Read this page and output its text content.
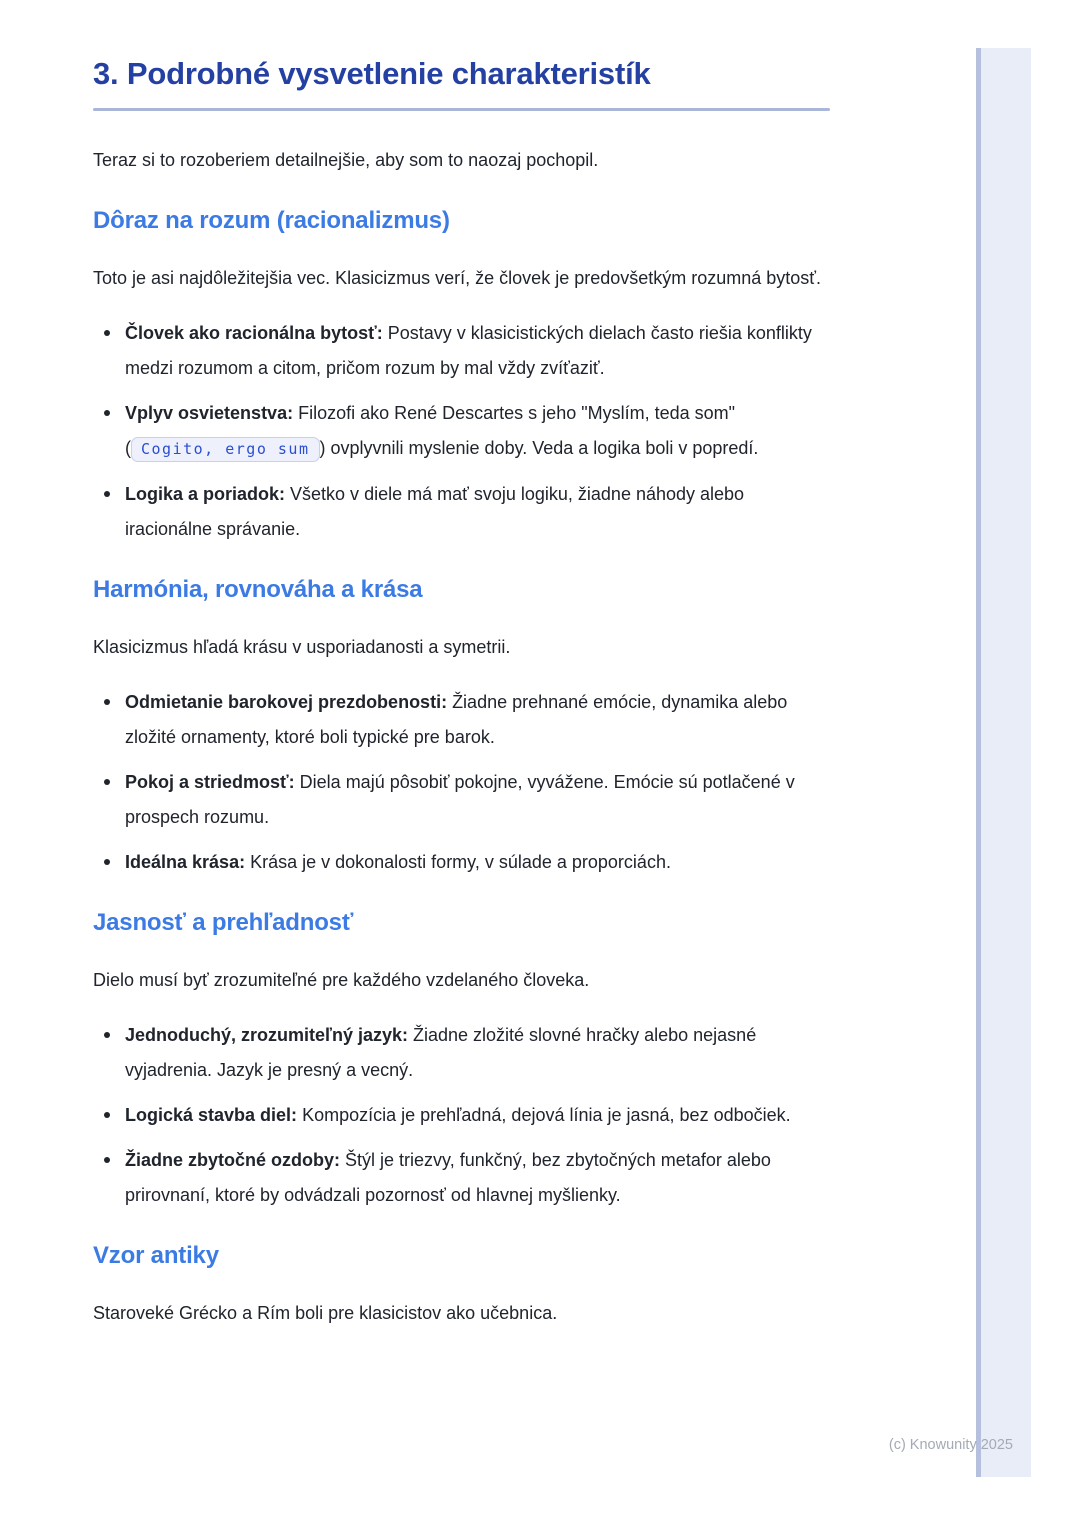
3. Podrobné vysvetlenie charakteristík

Teraz si to rozoberiem detailnejšie, aby som to naozaj pochopil.

Dôraz na rozum (racionalizmus)

Toto je asi najdôležitejšia vec. Klasicizmus verí, že človek je predovšetkým rozumná bytosť.

Človek ako racionálna bytosť: Postavy v klasicistických dielach často riešia konflikty medzi rozumom a citom, pričom rozum by mal vždy zvíťaziť.
Vplyv osvietenstva: Filozofi ako René Descartes s jeho "Myslím, teda som" ( Cogito, ergo sum ) ovplyvnili myslenie doby. Veda a logika boli v popredí.
Logika a poriadok: Všetko v diele má mať svoju logiku, žiadne náhody alebo iracionálne správanie.
Harmónia, rovnováha a krása

Klasicizmus hľadá krásu v usporiadanosti a symetrii.

Odmietanie barokovej prezdobenosti: Žiadne prehnané emócie, dynamika alebo zložité ornamenty, ktoré boli typické pre barok.
Pokoj a striedmosť: Diela majú pôsobiť pokojne, vyvážene. Emócie sú potlačené v prospech rozumu.
Ideálna krása: Krása je v dokonalosti formy, v súlade a proporciách.
Jasnosť a prehľadnosť

Dielo musí byť zrozumiteľné pre každého vzdelaného človeka.

Jednoduchý, zrozumiteľný jazyk: Žiadne zložité slovné hračky alebo nejasné vyjadrenia. Jazyk je presný a vecný.
Logická stavba diel: Kompozícia je prehľadná, dejová línia je jasná, bez odbočiek.
Žiadne zbytočné ozdoby: Štýl je triezvy, funkčný, bez zbytočných metafor alebo prirovnaní, ktoré by odvádzali pozornosť od hlavnej myšlienky.
Vzor antiky

Staroveké Grécko a Rím boli pre klasicistov ako učebnica.

(c) Knowunity 2025
